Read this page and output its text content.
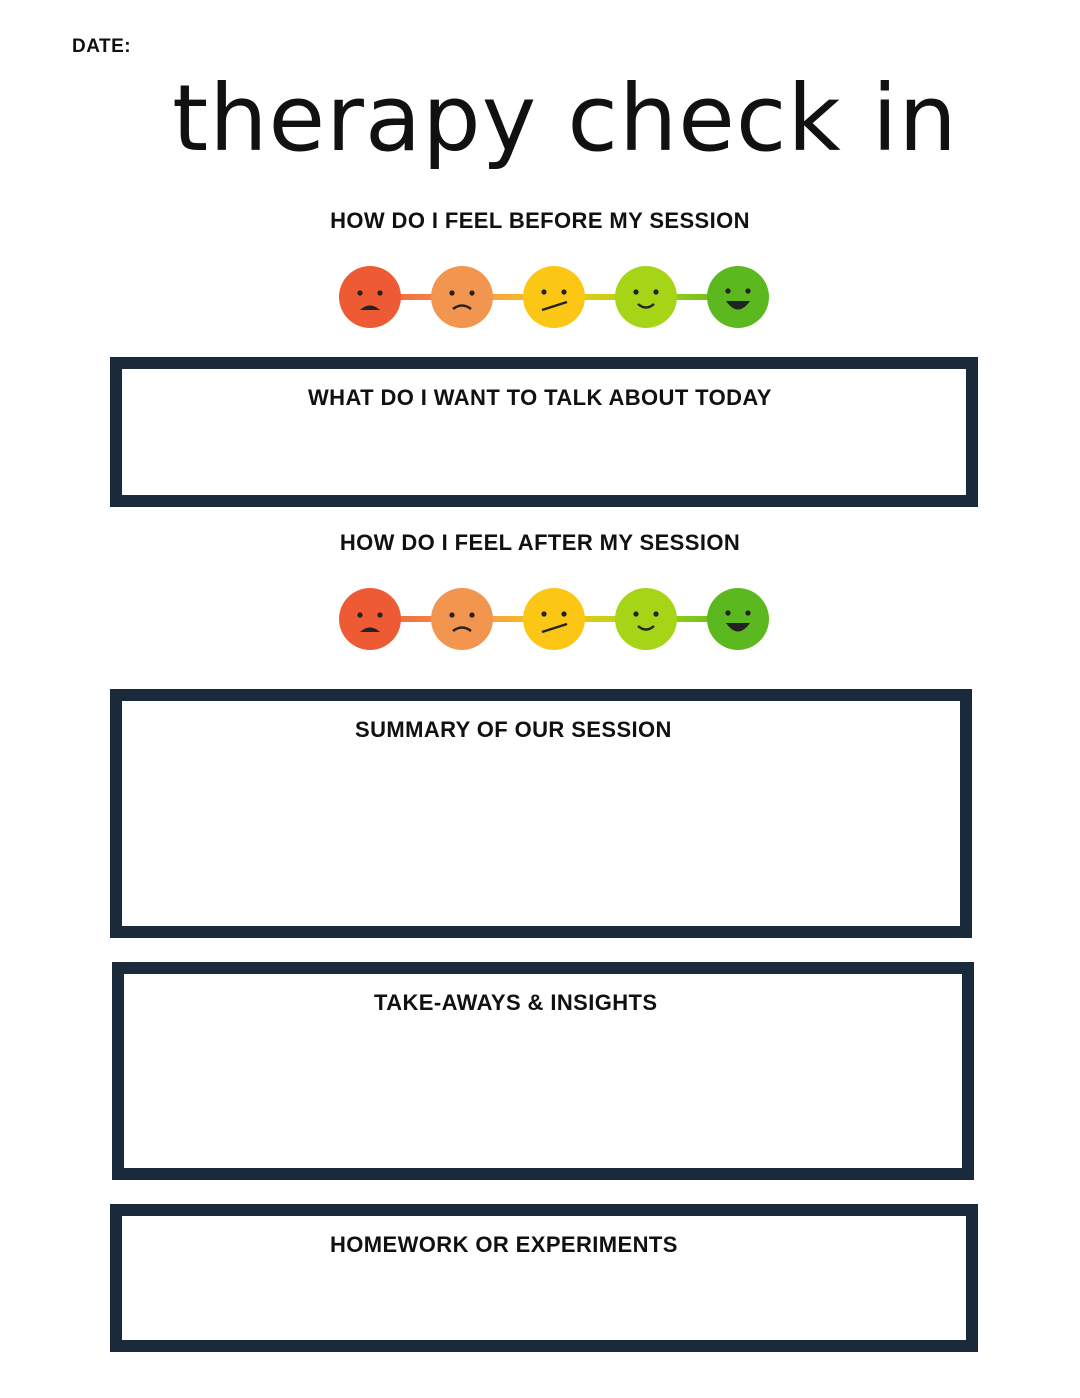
DATE:
therapy check in
HOW DO I FEEL BEFORE MY SESSION
WHAT DO I WANT TO TALK ABOUT TODAY
HOW DO I FEEL AFTER MY SESSION
SUMMARY OF OUR SESSION
TAKE-AWAYS & INSIGHTS
HOMEWORK OR EXPERIMENTS
